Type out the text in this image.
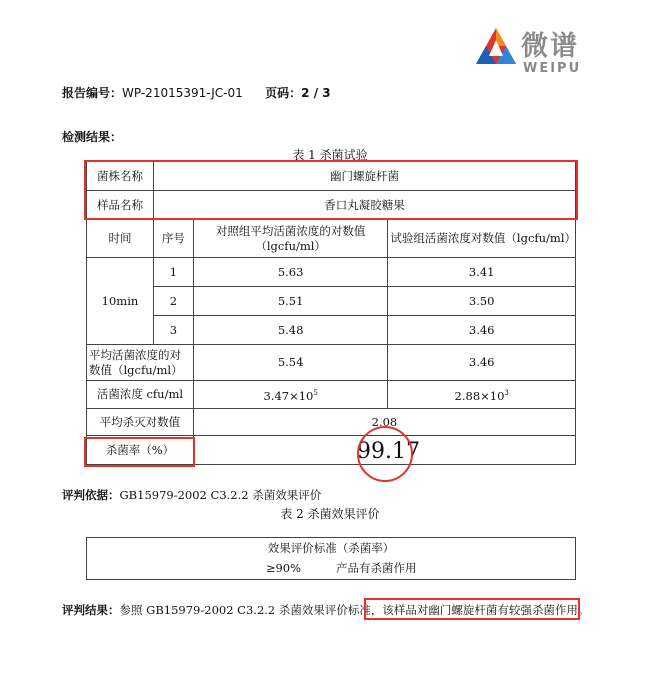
微谱
WEIPU
报告编号：WP-21015391-JC-01 页码：2 / 3
检测结果：
表 1 杀菌试验
菌株名称	幽门螺旋杆菌		
样品名称	香口丸凝胶糖果		
时间	序号	对照组平均活菌浓度的对数值（lgcfu/ml）	试验组活菌浓度对数值（lgcfu/ml）
10min	1	5.63	3.41
	2	5.51	3.50
	3	5.48	3.46
平均活菌浓度的对数值（lgcfu/ml）		5.54	3.46
活菌浓度 cfu/ml		$3.47\times 10^5$	$2.88\times 10^3$
平均杀灭对数值		2.08	
杀菌率（%）				99.17
评判依据：GB15979-2002 C3.2.2 杀菌效果评价
表 2 杀菌效果评价
效果评价标准（杀菌率）
≥90%	产品有杀菌作用
评判结果：参照 GB15979-2002 C3.2.2 杀菌效果评价标准，该样品对幽门螺旋杆菌有较强杀菌作用。
